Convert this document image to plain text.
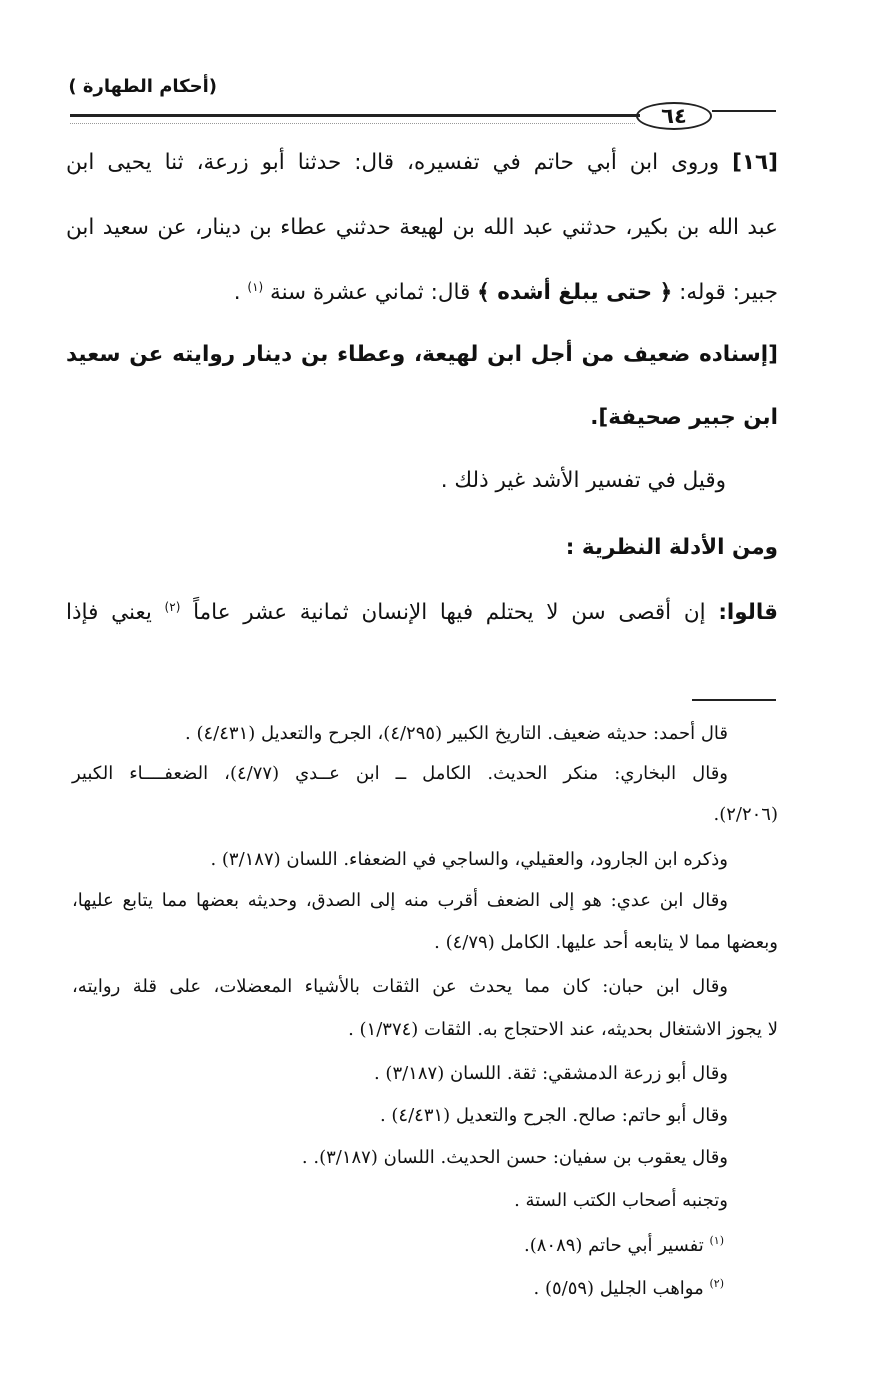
(أحكام الطهارة )
٦٤
[١٦] وروى ابن أبي حاتم في تفسيره، قال: حدثنا أبو زرعة، ثنا يحيى ابن
عبد الله بن بكير، حدثني عبد الله بن لهيعة حدثني عطاء بن دينار، عن سعيد ابن
جبير: قوله: ﴿ حتى يبلغ أشده ﴾ قال: ثماني عشرة سنة $^{(١)}$ .
[إسناده ضعيف من أجل ابن لهيعة، وعطاء بن دينار روايته عن سعيد
ابن جبير صحيفة].
وقيل في تفسير الأشد غير ذلك .
ومن الأدلة النظرية :
قالوا: إن أقصى سن لا يحتلم فيها الإنسان ثمانية عشر عاماً $^{(٢)}$ يعني فإذا
قال أحمد: حديثه ضعيف. التاريخ الكبير (٤/٢٩٥)، الجرح والتعديل (٤/٤٣١) .
وقال البخاري: منكر الحديث. الكامل ــ ابن عــدي (٤/٧٧)، الضعفــــاء الكبير
(٢/٢٠٦).
وذكره ابن الجارود، والعقيلي، والساجي في الضعفاء. اللسان (٣/١٨٧) .
وقال ابن عدي: هو إلى الضعف أقرب منه إلى الصدق، وحديثه بعضها مما يتابع عليها،
وبعضها مما لا يتابعه أحد عليها. الكامل (٤/٧٩) .
وقال ابن حبان: كان مما يحدث عن الثقات بالأشياء المعضلات، على قلة روايته،
لا يجوز الاشتغال بحديثه، عند الاحتجاج به. الثقات (١/٣٧٤) .
وقال أبو زرعة الدمشقي: ثقة. اللسان (٣/١٨٧) .
وقال أبو حاتم: صالح. الجرح والتعديل (٤/٤٣١) .
وقال يعقوب بن سفيان: حسن الحديث. اللسان (٣/١٨٧). .
وتجنبه أصحاب الكتب الستة .
$^{(١)}$ تفسير أبي حاتم (٨٠٨٩).
$^{(٢)}$ مواهب الجليل (٥/٥٩) .
